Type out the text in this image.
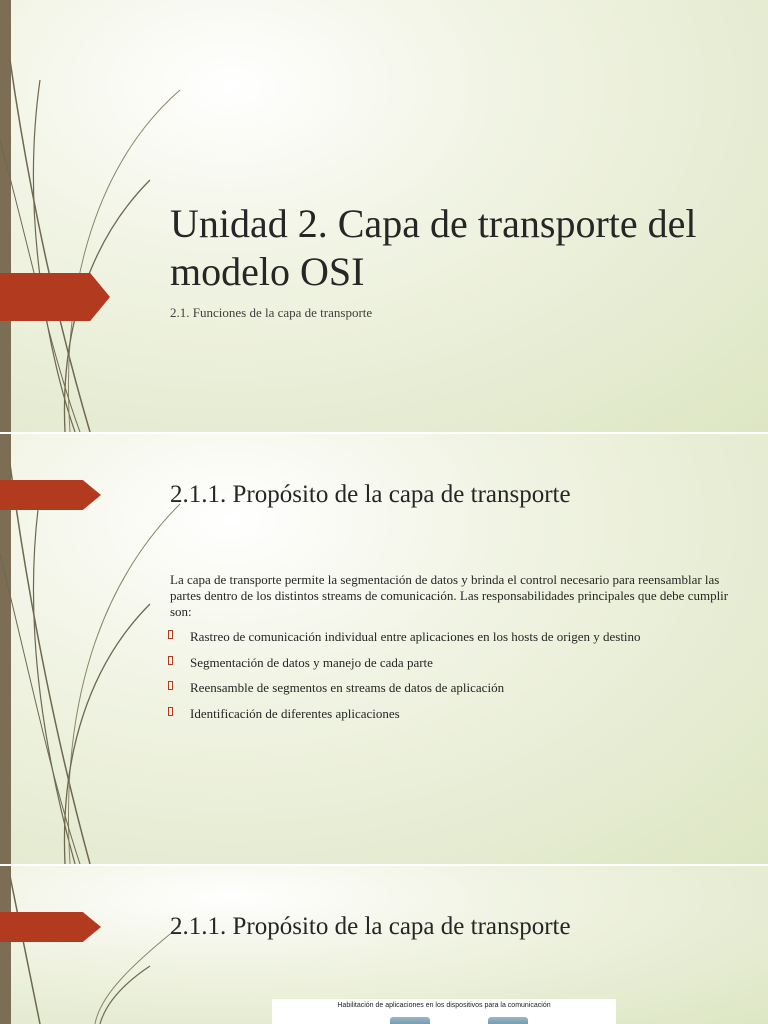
Unidad 2. Capa de transporte del modelo OSI

2.1. Funciones de la capa de transporte

2.1.1. Propósito de la capa de transporte

La capa de transporte permite la segmentación de datos y brinda el control necesario para reensamblar las partes dentro de los distintos streams de comunicación. Las responsabilidades principales que debe cumplir son:

Rastreo de comunicación individual entre aplicaciones en los hosts de origen y destino
Segmentación de datos y manejo de cada parte
Reensamble de segmentos en streams de datos de aplicación
Identificación de diferentes aplicaciones
2.1.1. Propósito de la capa de transporte
Habilitación de aplicaciones en los dispositivos para la comunicación
